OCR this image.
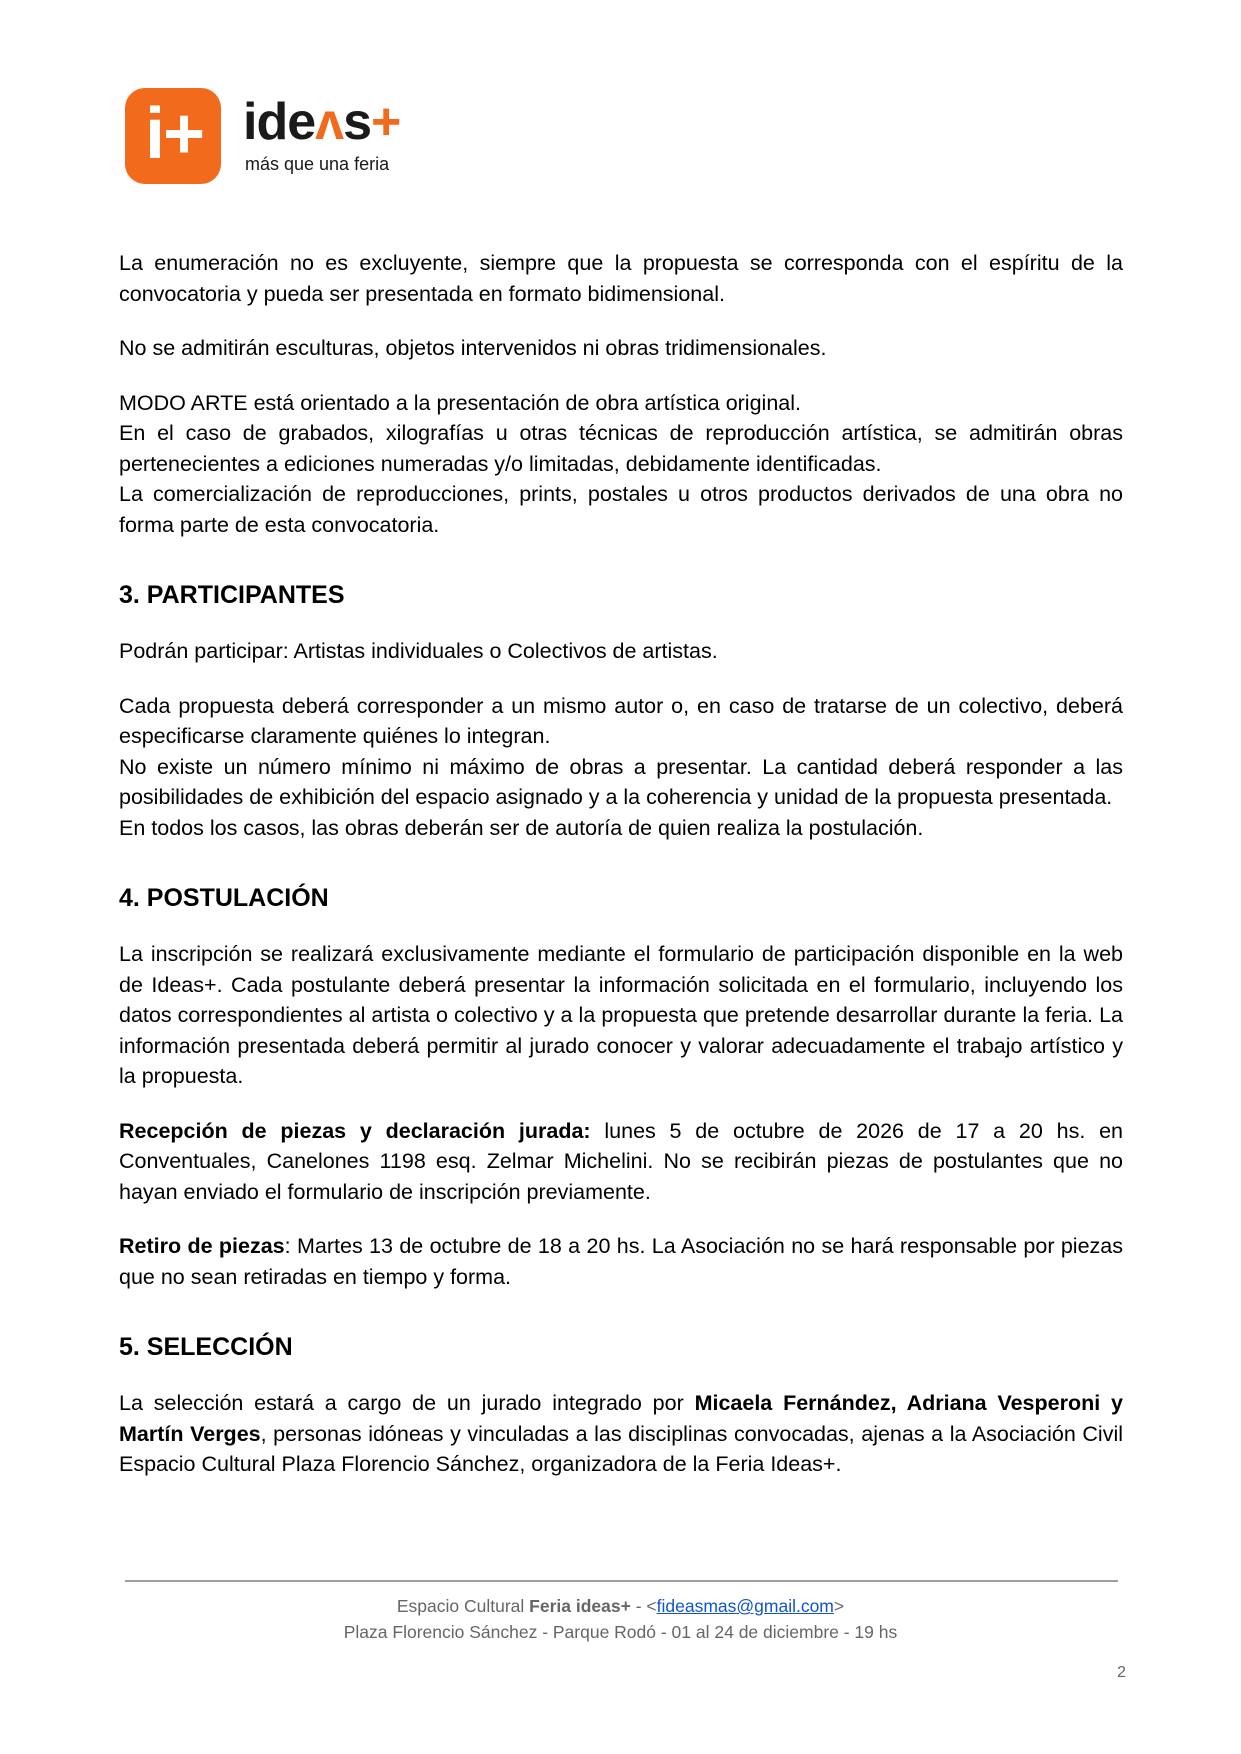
i+ ideʌs+
más que una feria

La enumeración no es excluyente, siempre que la propuesta se corresponda con el espíritu de la convocatoria y pueda ser presentada en formato bidimensional.

No se admitirán esculturas, objetos intervenidos ni obras tridimensionales.

MODO ARTE está orientado a la presentación de obra artística original.

En el caso de grabados, xilografías u otras técnicas de reproducción artística, se admitirán obras pertenecientes a ediciones numeradas y/o limitadas, debidamente identificadas.

La comercialización de reproducciones, prints, postales u otros productos derivados de una obra no forma parte de esta convocatoria.

3. PARTICIPANTES

Podrán participar: Artistas individuales o Colectivos de artistas.

Cada propuesta deberá corresponder a un mismo autor o, en caso de tratarse de un colectivo, deberá especificarse claramente quiénes lo integran.

No existe un número mínimo ni máximo de obras a presentar. La cantidad deberá responder a las posibilidades de exhibición del espacio asignado y a la coherencia y unidad de la propuesta presentada.

En todos los casos, las obras deberán ser de autoría de quien realiza la postulación.

4. POSTULACIÓN

La inscripción se realizará exclusivamente mediante el formulario de participación disponible en la web de Ideas+. Cada postulante deberá presentar la información solicitada en el formulario, incluyendo los datos correspondientes al artista o colectivo y a la propuesta que pretende desarrollar durante la feria. La información presentada deberá permitir al jurado conocer y valorar adecuadamente el trabajo artístico y la propuesta.

Recepción de piezas y declaración jurada: lunes 5 de octubre de 2026 de 17 a 20 hs. en Conventuales, Canelones 1198 esq. Zelmar Michelini. No se recibirán piezas de postulantes que no hayan enviado el formulario de inscripción previamente.

Retiro de piezas: Martes 13 de octubre de 18 a 20 hs. La Asociación no se hará responsable por piezas que no sean retiradas en tiempo y forma.

5. SELECCIÓN

La selección estará a cargo de un jurado integrado por Micaela Fernández, Adriana Vesperoni y Martín Verges, personas idóneas y vinculadas a las disciplinas convocadas, ajenas a la Asociación Civil Espacio Cultural Plaza Florencio Sánchez, organizadora de la Feria Ideas+.

Espacio Cultural Feria ideas+ - <fideasmas@gmail.com>
Plaza Florencio Sánchez - Parque Rodó - 01 al 24 de diciembre - 19 hs
2
